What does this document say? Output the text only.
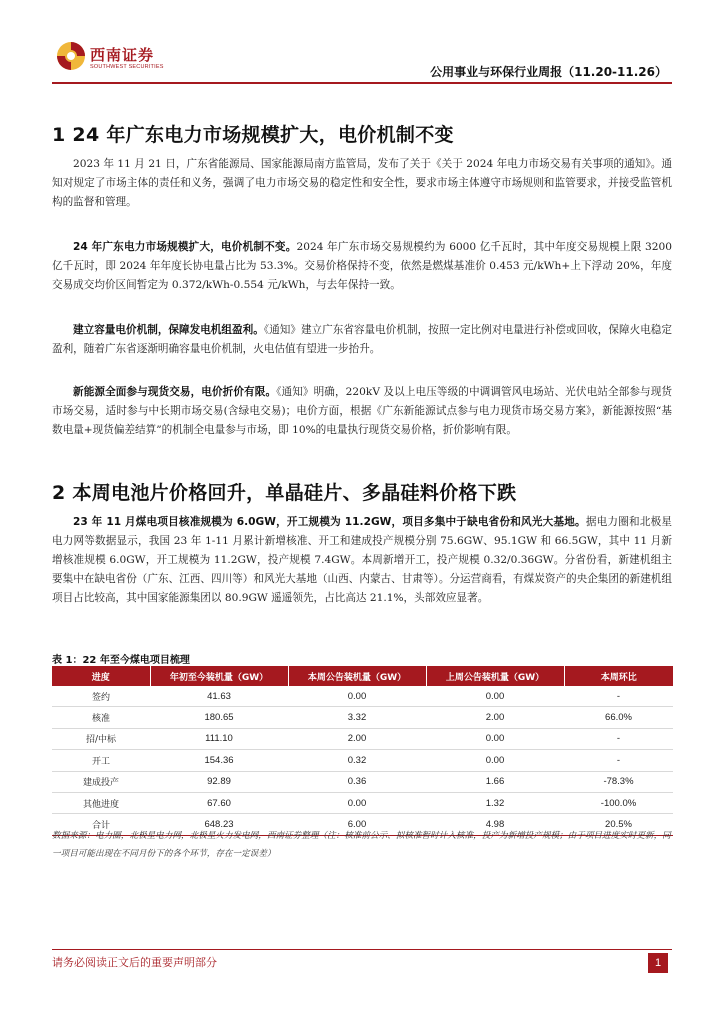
西南证券
SOUTHWEST SECURITIES	公用事业与环保行业周报（11.20-11.26）
1 24 年广东电力市场规模扩大，电价机制不变

2023 年 11 月 21 日，广东省能源局、国家能源局南方监管局，发布了关于《关于 2024 年电力市场交易有关事项的通知》。通知对规定了市场主体的责任和义务，强调了电力市场交易的稳定性和安全性，要求市场主体遵守市场规则和监管要求，并接受监管机构的监督和管理。

24 年广东电力市场规模扩大，电价机制不变。2024 年广东市场交易规模约为 6000 亿千瓦时，其中年度交易规模上限 3200 亿千瓦时，即 2024 年年度长协电量占比为 53.3%。交易价格保持不变，依然是燃煤基准价 0.453 元/kWh+上下浮动 20%，年度交易成交均价区间暂定为 0.372/kWh-0.554 元/kWh，与去年保持一致。

建立容量电价机制，保障发电机组盈利。《通知》建立广东省容量电价机制，按照一定比例对电量进行补偿或回收，保障火电稳定盈利，随着广东省逐渐明确容量电价机制，火电估值有望进一步抬升。

新能源全面参与现货交易，电价折价有限。《通知》明确，220kV 及以上电压等级的中调调管风电场站、光伏电站全部参与现货市场交易，适时参与中长期市场交易(含绿电交易)；电价方面，根据《广东新能源试点参与电力现货市场交易方案》，新能源按照“基数电量+现货偏差结算”的机制全电量参与市场，即 10%的电量执行现货交易价格，折价影响有限。

2 本周电池片价格回升，单晶硅片、多晶硅料价格下跌

23 年 11 月煤电项目核准规模为 6.0GW，开工规模为 11.2GW，项目多集中于缺电省份和风光大基地。据电力圈和北极星电力网等数据显示，我国 23 年 1-11 月累计新增核准、开工和建成投产规模分别 75.6GW、95.1GW 和 66.5GW，其中 11 月新增核准规模 6.0GW，开工规模为 11.2GW，投产规模 7.4GW。本周新增开工，投产规模 0.32/0.36GW。分省份看，新建机组主要集中在缺电省份（广东、江西、四川等）和风光大基地（山西、内蒙古、甘肃等）。分运营商看，有煤炭资产的央企集团的新建机组项目占比较高，其中国家能源集团以 80.9GW 遥遥领先，占比高达 21.1%，头部效应显著。

表 1：22 年至今煤电项目梳理
进度	年初至今装机量（GW）	本周公告装机量（GW）	上周公告装机量（GW）	本周环比
签约	41.63	0.00	0.00	-
核准	180.65	3.32	2.00	66.0%
招/中标	111.10	2.00	0.00	-
开工	154.36	0.32	0.00	-
建成投产	92.89	0.36	1.66	-78.3%
其他进度	67.60	0.00	1.32	-100.0%
合计	648.23	6.00	4.98	20.5%

数据来源：电力圈，北极星电力网，北极星火力发电网，西南证券整理（注：核准前公示、拟核准暂时计入核准，投产为新增投产规模；由于项目进度实时更新，同一项目可能出现在不同月份下的各个环节，存在一定误差）

请务必阅读正文后的重要声明部分	1
